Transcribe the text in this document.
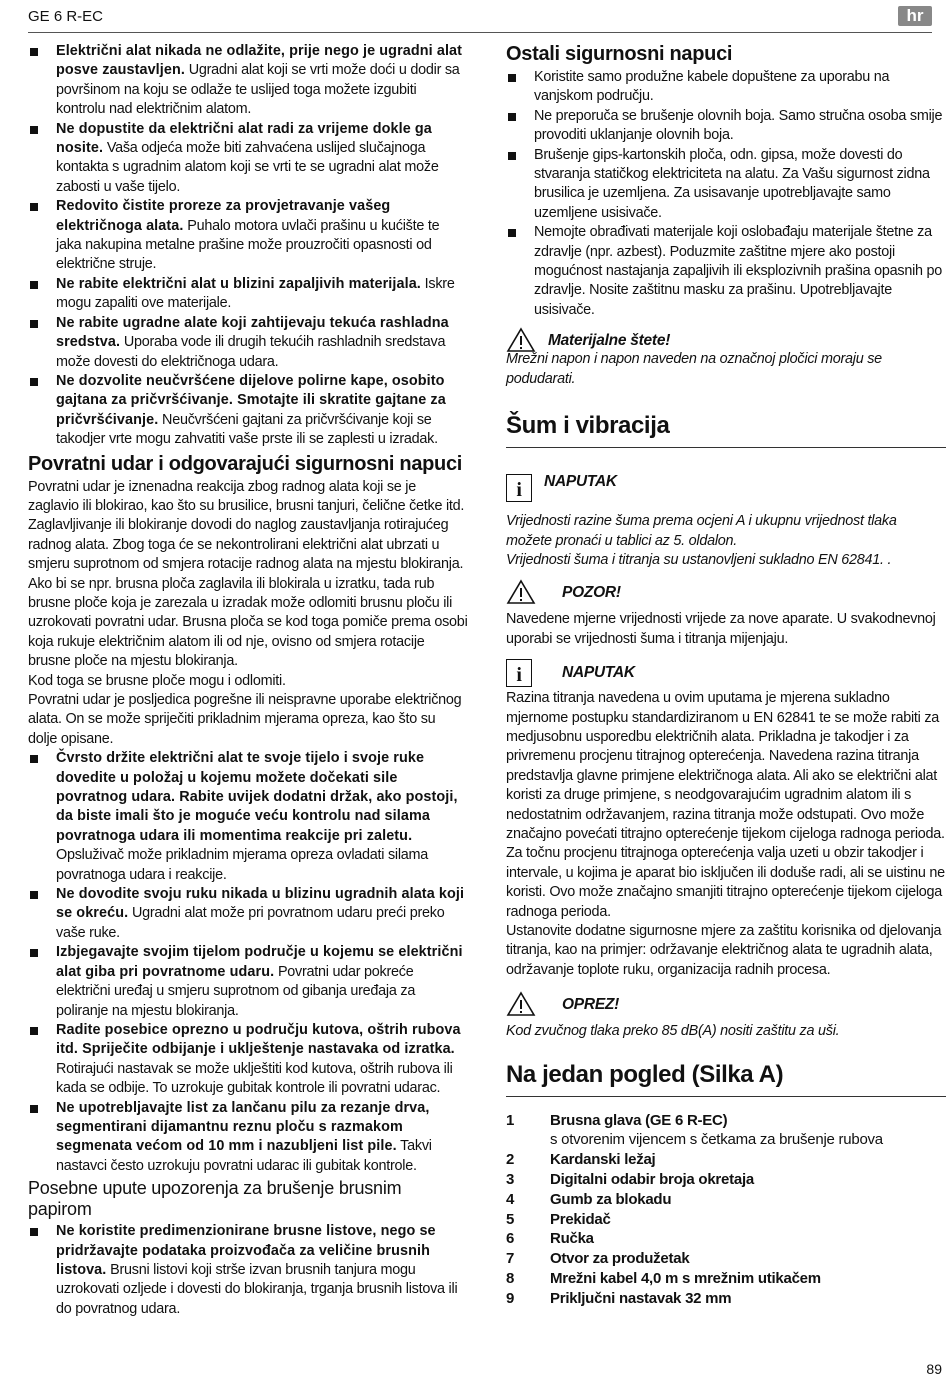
GE 6 R-EC	hr

Električni alat nikada ne odlažite, prije nego je ugradni alat posve zaustavljen. Ugradni alat koji se vrti može doći u dodir sa površinom na koju se odlaže te uslijed toga možete izgubiti kontrolu nad električnim alatom.

Ne dopustite da električni alat radi za vrijeme dokle ga nosite. Vaša odjeća može biti zahvaćena uslijed slučajnoga kontakta s ugradnim alatom koji se vrti te se ugradni alat može zabosti u vaše tijelo.

Redovito čistite proreze za provjetravanje vašeg električnoga alata. Puhalo motora uvlači prašinu u kućište te jaka nakupina metalne prašine može prouzročiti opasnosti od električne struje.

Ne rabite električni alat u blizini zapaljivih materijala. Iskre mogu zapaliti ove materijale.

Ne rabite ugradne alate koji zahtijevaju tekuća rashladna sredstva. Uporaba vode ili drugih tekućih rashladnih sredstava može dovesti do električnoga udara.

Ne dozvolite neučvršćene dijelove polirne kape, osobito gajtana za pričvršćivanje. Smotajte ili skratite gajtane za pričvršćivanje. Neučvršćeni gajtani za pričvršćivanje koji se takodjer vrte mogu zahvatiti vaše prste ili se zaplesti u izradak.

Povratni udar i odgovarajući sigurnosni napuci

Povratni udar je iznenadna reakcija zbog radnog alata koji se je zaglavio ili blokirao, kao što su brusilice, brusni tanjuri, čelične četke itd. Zaglavljivanje ili blokiranje dovodi do naglog zaustavljanja rotirajućeg radnog alata. Zbog toga će se nekontrolirani električni alat ubrzati u smjeru suprotnom od smjera rotacije radnog alata na mjestu blokiranja. Ako bi se npr. brusna ploča zaglavila ili blokirala u izratku, tada rub brusne ploče koja je zarezala u izradak može odlomiti brusnu ploču ili uzrokovati povratni udar. Brusna ploča se kod toga pomiče prema osobi koja rukuje električnim alatom ili od nje, ovisno od smjera rotacije brusne ploče na mjestu blokiranja.

Kod toga se brusne ploče mogu i odlomiti.

Povratni udar je posljedica pogrešne ili neispravne uporabe električnog alata. On se može spriječiti prikladnim mjerama opreza, kao što su dolje opisane.

Čvrsto držite električni alat te svoje tijelo i svoje ruke dovedite u položaj u kojemu možete dočekati sile povratnog udara. Rabite uvijek dodatni držak, ako postoji, da biste imali što je moguće veću kontrolu nad silama povratnoga udara ili momentima reakcije pri zaletu. Opsluživač može prikladnim mjerama opreza ovladati silama povratnoga udara i reakcije.

Ne dovodite svoju ruku nikada u blizinu ugradnih alata koji se okreću. Ugradni alat može pri povratnom udaru preći preko vaše ruke.

Izbjegavajte svojim tijelom područje u kojemu se električni alat giba pri povratnome udaru. Povratni udar pokreće električni uređaj u smjeru suprotnom od gibanja uređaja za poliranje na mjestu blokiranja.

Radite posebice oprezno u području kutova, oštrih rubova itd. Spriječite odbijanje i uklještenje nastavaka od izratka. Rotirajući nastavak se može uklještiti kod kutova, oštrih rubova ili kada se odbije. To uzrokuje gubitak kontrole ili povratni udarac.

Ne upotrebljavajte list za lančanu pilu za rezanje drva, segmentirani dijamantnu reznu ploču s razmakom segmenata većom od 10 mm i nazubljeni list pile. Takvi nastavci često uzrokuju povratni udarac ili gubitak kontrole.

Posebne upute upozorenja za brušenje brusnim papirom

Ne koristite predimenzionirane brusne listove, nego se pridržavajte podataka proizvođača za veličine brusnih listova. Brusni listovi koji strše izvan brusnih tanjura mogu uzrokovati ozljede i dovesti do blokiranja, trganja brusnih listova ili do povratnog udara.

Ostali sigurnosni napuci

Koristite samo produžne kabele dopuštene za uporabu na vanjskom području.

Ne preporuča se brušenje olovnih boja. Samo stručna osoba smije provoditi uklanjanje olovnih boja.

Brušenje gips-kartonskih ploča, odn. gipsa, može dovesti do stvaranja statičkog elektriciteta na alatu. Za Vašu sigurnost zidna brusilica je uzemljena. Za usisavanje upotrebljavajte samo uzemljene usisivače.

Nemojte obrađivati materijale koji oslobađaju materijale štetne za zdravlje (npr. azbest). Poduzmite zaštitne mjere ako postoji mogućnost nastajanja zapaljivih ili eksplozivnih prašina opasnih po zdravlje. Nosite zaštitnu masku za prašinu. Upotrebljavajte usisivače.

Materijalne štete!

Mrežni napon i napon naveden na označnoj pločici moraju se podudarati.

Šum i vibracija
i	NAPUTAK

Vrijednosti razine šuma prema ocjeni A i ukupnu vrijednost tlaka možete pronaći u tablici az 5. oldalon.

Vrijednosti šuma i titranja su ustanovljeni sukladno EN 62841. .

POZOR!

Navedene mjerne vrijednosti vrijede za nove aparate. U svakodnevnoj uporabi se vrijednosti šuma i titranja mijenjaju.

i	NAPUTAK

Razina titranja navedena u ovim uputama je mjerena sukladno mjernome postupku standardiziranom u EN 62841 te se može rabiti za medjusobnu usporedbu električnih alata. Prikladna je takodjer i za privremenu procjenu titrajnog opterećenja. Navedena razina titranja predstavlja glavne primjene električnoga alata. Ali ako se električni alat koristi za druge primjene, s neodgovarajućim ugradnim alatom ili s nedostatnim održavanjem, razina titranja može odstupati. Ovo može značajno povećati titrajno opterećenje tijekom cijeloga radnoga perioda.

Za točnu procjenu titrajnoga opterećenja valja uzeti u obzir takodjer i intervale, u kojima je aparat bio isključen ili doduše radi, ali se uistinu ne koristi. Ovo može značajno smanjiti titrajno opterećenje tijekom cijeloga radnoga perioda.

Ustanovite dodatne sigurnosne mjere za zaštitu korisnika od djelovanja titranja, kao na primjer: održavanje električnog alata te ugradnih alata, održavanje toplote ruku, organizacija radnih procesa.

OPREZ!

Kod zvučnog tlaka preko 85 dB(A) nositi zaštitu za uši.

Na jedan pogled (Silka A)
1	Brusna glava (GE 6 R-EC)
s otvorenim vijencem s četkama za brušenje rubova
2	Kardanski ležaj
3	Digitalni odabir broja okretaja
4	Gumb za blokadu
5	Prekidač
6	Ručka
7	Otvor za produžetak
8	Mrežni kabel 4,0 m s mrežnim utikačem
9	Priključni nastavak 32 mm
89
